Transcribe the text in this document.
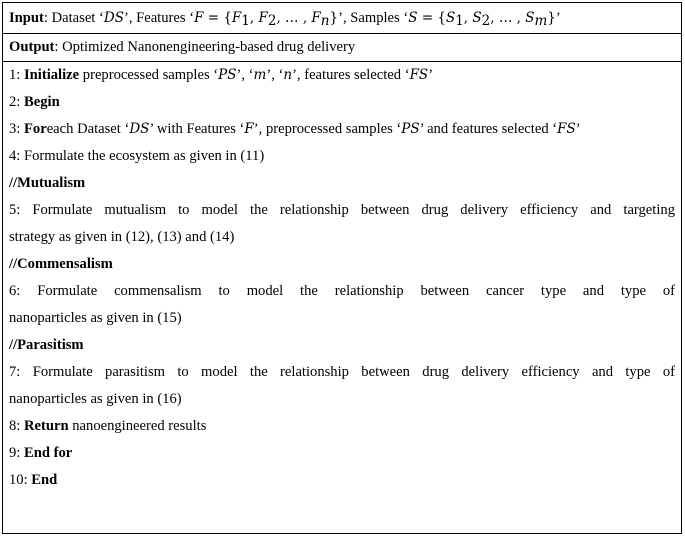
Input: Dataset ‘DS’, Features ‘$F = \{F_1$, $F_2$, … , $F_n$}’, Samples ‘$S = \{S_1$, $S_2$, … , $S_m$}’
Output: Optimized Nanonengineering-based drug delivery
1: Initialize preprocessed samples ‘PS’, ‘m’, ‘n’, features selected ‘FS’
2: Begin
3: Foreach Dataset ‘DS’ with Features ‘F’, preprocessed samples ‘PS’ and features selected ‘FS’
4: Formulate the ecosystem as given in (11)
//Mutualism
5: Formulate mutualism to model the relationship between drug delivery efficiency and targeting
strategy as given in (12), (13) and (14)
//Commensalism
6: Formulate commensalism to model the relationship between cancer type and type of
nanoparticles as given in (15)
//Parasitism
7: Formulate parasitism to model the relationship between drug delivery efficiency and type of
nanoparticles as given in (16)
8: Return nanoengineered results
9: End for
10: End
